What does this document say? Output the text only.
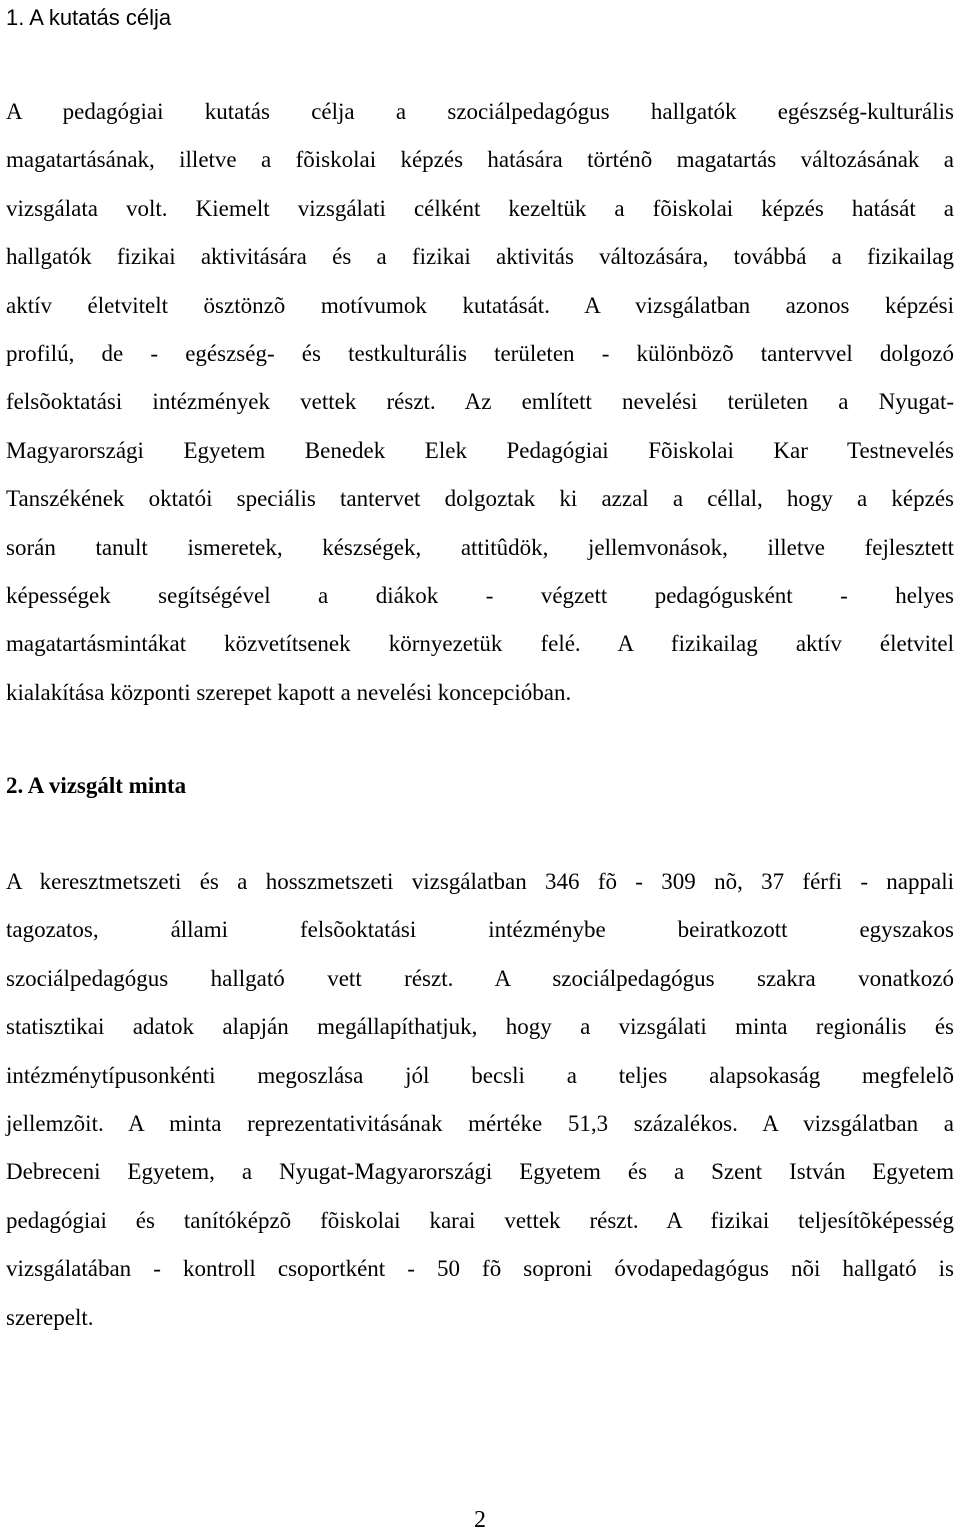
1. A kutatás célja
A pedagógiai kutatás célja a szociálpedagógus hallgatók egészség-kulturális
magatartásának, illetve a fõiskolai képzés hatására történõ magatartás változásának a
vizsgálata volt. Kiemelt vizsgálati célként kezeltük a fõiskolai képzés hatását a
hallgatók fizikai aktivitására és a fizikai aktivitás változására, továbbá a fizikailag
aktív életvitelt ösztönzõ motívumok kutatását. A vizsgálatban azonos képzési
profilú, de - egészség- és testkulturális területen - különbözõ tantervvel dolgozó
felsõoktatási intézmények vettek részt. Az említett nevelési területen a Nyugat-
Magyarországi Egyetem Benedek Elek Pedagógiai Fõiskolai Kar Testnevelés
Tanszékének oktatói speciális tantervet dolgoztak ki azzal a céllal, hogy a képzés
során tanult ismeretek, készségek, attitûdök, jellemvonások, illetve fejlesztett
képességek segítségével a diákok - végzett pedagógusként - helyes
magatartásmintákat közvetítsenek környezetük felé. A fizikailag aktív életvitel
kialakítása központi szerepet kapott a nevelési koncepcióban.
2. A vizsgált minta
A keresztmetszeti és a hosszmetszeti vizsgálatban 346 fõ - 309 nõ, 37 férfi - nappali
tagozatos, állami felsõoktatási intézménybe beiratkozott egyszakos
szociálpedagógus hallgató vett részt. A szociálpedagógus szakra vonatkozó
statisztikai adatok alapján megállapíthatjuk, hogy a vizsgálati minta regionális és
intézménytípusonkénti megoszlása jól becsli a teljes alapsokaság megfelelõ
jellemzõit. A minta reprezentativitásának mértéke 51,3 százalékos. A vizsgálatban a
Debreceni Egyetem, a Nyugat-Magyarországi Egyetem és a Szent István Egyetem
pedagógiai és tanítóképzõ fõiskolai karai vettek részt. A fizikai teljesítõképesség
vizsgálatában - kontroll csoportként - 50 fõ soproni óvodapedagógus nõi hallgató is
szerepelt.
2
